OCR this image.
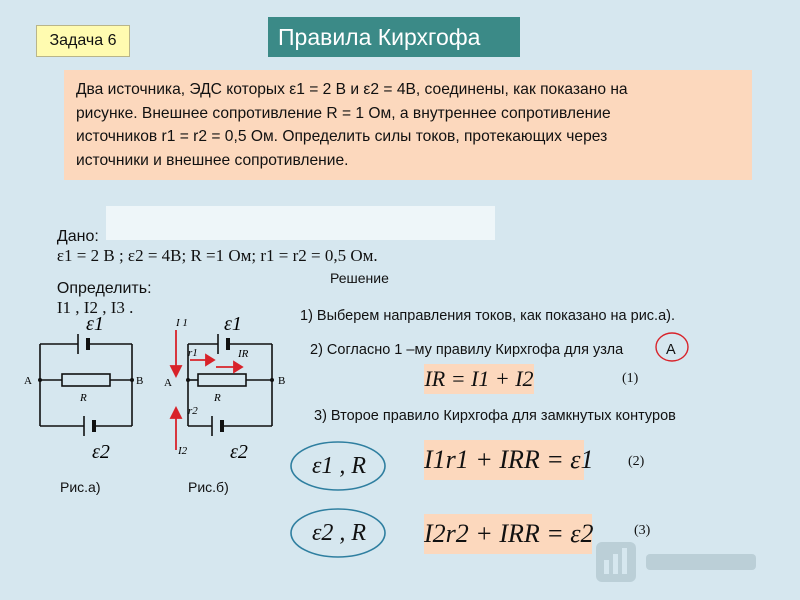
Задача 6	Правила Кирхгофа
Два источника, ЭДС которых ε1 = 2 В и ε2 = 4В, соединены, как показано на
рисунке. Внешнее сопротивление R = 1 Ом, а внутреннее сопротивление
источников r1 = r2 = 0,5 Ом. Определить силы токов, протекающих через
источники и внешнее сопротивление.

Дано:
ε1 = 2 В ; ε2 = 4В; R =1 Ом; r1 = r2 = 0,5 Ом.

Определить:
I1 , I2 , I3 .

Решение
ε1
ε2
А	В
R
Рис.а)
I 1 ε1
r1	IR
А	В
R
r2
I2 ε2
Рис.б)
1) Выберем направления токов, как показано на рис.а).
2) Согласно 1 –му правилу Кирхгофа для узла	А
IR = I1 + I2	(1)
3) Второе правило Кирхгофа для замкнутых контуров
ε1 , R	I1r1 + IRR = ε1 (2)
ε2 , R	I2r2 + IRR = ε2	(3)
